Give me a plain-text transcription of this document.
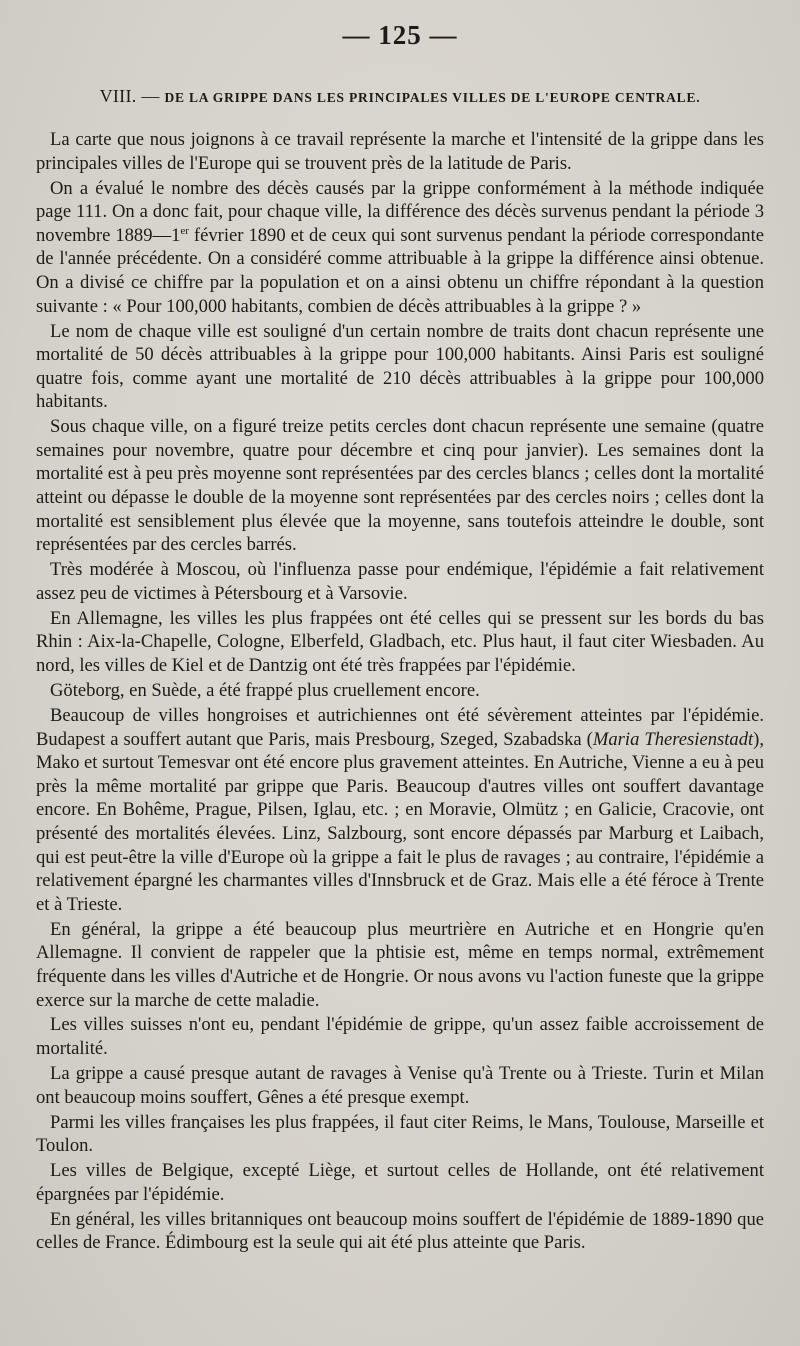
— 125 —
VIII. — DE LA GRIPPE DANS LES PRINCIPALES VILLES DE L'EUROPE CENTRALE.

La carte que nous joignons à ce travail représente la marche et l'intensité de la grippe dans les principales villes de l'Europe qui se trouvent près de la latitude de Paris.

On a évalué le nombre des décès causés par la grippe conformément à la méthode indiquée page 111. On a donc fait, pour chaque ville, la différence des décès survenus pendant la période 3 novembre 1889—1er février 1890 et de ceux qui sont survenus pendant la période correspondante de l'année précédente. On a considéré comme attribuable à la grippe la différence ainsi obtenue. On a divisé ce chiffre par la population et on a ainsi obtenu un chiffre répondant à la question suivante : « Pour 100,000 habitants, combien de décès attribuables à la grippe ? »

Le nom de chaque ville est souligné d'un certain nombre de traits dont chacun représente une mortalité de 50 décès attribuables à la grippe pour 100,000 habitants. Ainsi Paris est souligné quatre fois, comme ayant une mortalité de 210 décès attribuables à la grippe pour 100,000 habitants.

Sous chaque ville, on a figuré treize petits cercles dont chacun représente une semaine (quatre semaines pour novembre, quatre pour décembre et cinq pour janvier). Les semaines dont la mortalité est à peu près moyenne sont représentées par des cercles blancs ; celles dont la mortalité atteint ou dépasse le double de la moyenne sont représentées par des cercles noirs ; celles dont la mortalité est sensiblement plus élevée que la moyenne, sans toutefois atteindre le double, sont représentées par des cercles barrés.

Très modérée à Moscou, où l'influenza passe pour endémique, l'épidémie a fait relativement assez peu de victimes à Pétersbourg et à Varsovie.

En Allemagne, les villes les plus frappées ont été celles qui se pressent sur les bords du bas Rhin : Aix-la-Chapelle, Cologne, Elberfeld, Gladbach, etc. Plus haut, il faut citer Wiesbaden. Au nord, les villes de Kiel et de Dantzig ont été très frappées par l'épidémie.

Göteborg, en Suède, a été frappé plus cruellement encore.

Beaucoup de villes hongroises et autrichiennes ont été sévèrement atteintes par l'épidémie. Budapest a souffert autant que Paris, mais Presbourg, Szeged, Szabadska (Maria Theresienstadt), Mako et surtout Temesvar ont été encore plus gravement atteintes. En Autriche, Vienne a eu à peu près la même mortalité par grippe que Paris. Beaucoup d'autres villes ont souffert davantage encore. En Bohême, Prague, Pilsen, Iglau, etc. ; en Moravie, Olmütz ; en Galicie, Cracovie, ont présenté des mortalités élevées. Linz, Salzbourg, sont encore dépassés par Marburg et Laibach, qui est peut-être la ville d'Europe où la grippe a fait le plus de ravages ; au contraire, l'épidémie a relativement épargné les charmantes villes d'Innsbruck et de Graz. Mais elle a été féroce à Trente et à Trieste.

En général, la grippe a été beaucoup plus meurtrière en Autriche et en Hongrie qu'en Allemagne. Il convient de rappeler que la phtisie est, même en temps normal, extrêmement fréquente dans les villes d'Autriche et de Hongrie. Or nous avons vu l'action funeste que la grippe exerce sur la marche de cette maladie.

Les villes suisses n'ont eu, pendant l'épidémie de grippe, qu'un assez faible accroissement de mortalité.

La grippe a causé presque autant de ravages à Venise qu'à Trente ou à Trieste. Turin et Milan ont beaucoup moins souffert, Gênes a été presque exempt.

Parmi les villes françaises les plus frappées, il faut citer Reims, le Mans, Toulouse, Marseille et Toulon.

Les villes de Belgique, excepté Liège, et surtout celles de Hollande, ont été relativement épargnées par l'épidémie.

En général, les villes britanniques ont beaucoup moins souffert de l'épidémie de 1889-1890 que celles de France. Édimbourg est la seule qui ait été plus atteinte que Paris.
